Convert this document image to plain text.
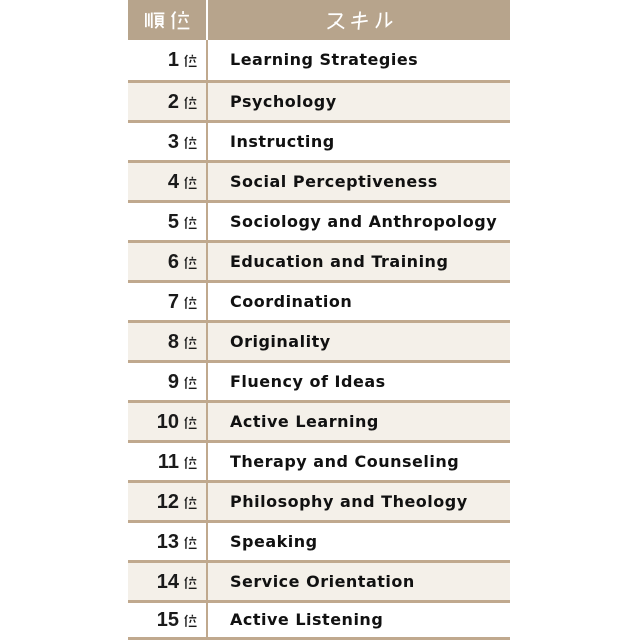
1	Learning Strategies
2	Psychology
3	Instructing
4	Social Perceptiveness
5	Sociology and Anthropology
6	Education and Training
7	Coordination
8	Originality
9	Fluency of Ideas
10	Active Learning
11	Therapy and Counseling
12	Philosophy and Theology
13	Speaking
14	Service Orientation
15	Active Listening
